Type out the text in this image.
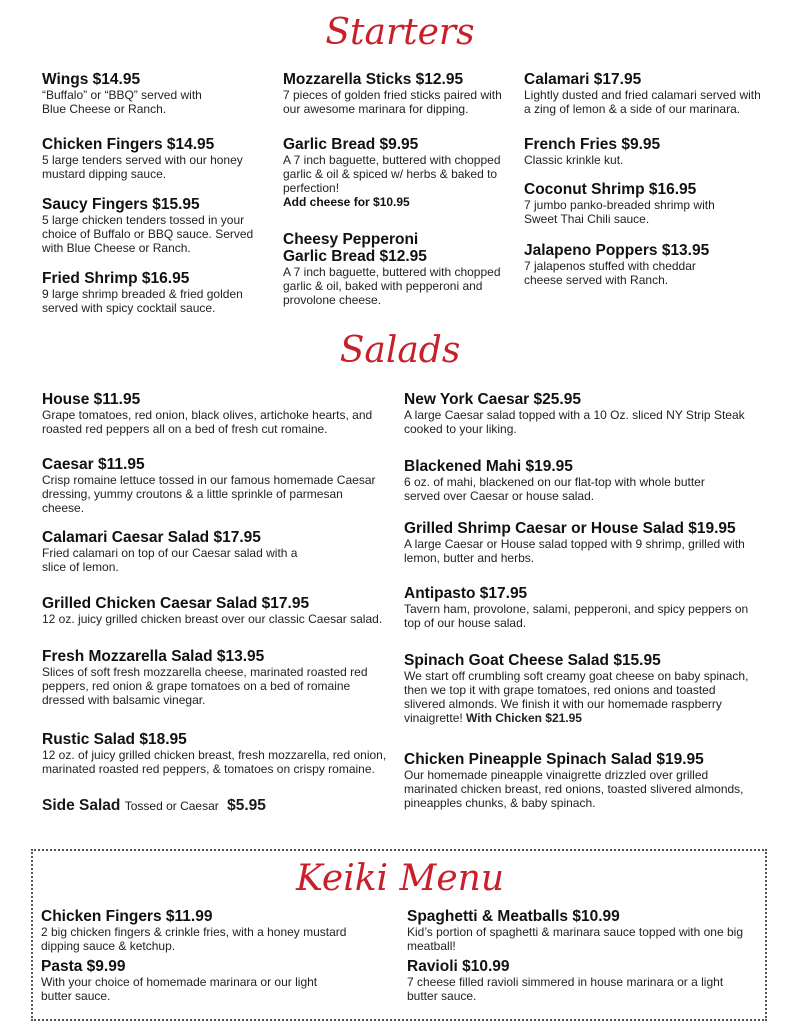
Starters
Wings $14.95
“Buffalo” or “BBQ” served with Blue Cheese or Ranch.
Chicken Fingers $14.95
5 large tenders served with our honey mustard dipping sauce.
Saucy Fingers $15.95
5 large chicken tenders tossed in your choice of Buffalo or BBQ sauce. Served with Blue Cheese or Ranch.
Fried Shrimp $16.95
9 large shrimp breaded & fried golden served with spicy cocktail sauce.
Mozzarella Sticks $12.95
7 pieces of golden fried sticks paired with our awesome marinara for dipping.
Garlic Bread $9.95
A 7 inch baguette, buttered with chopped garlic & oil & spiced w/ herbs & baked to perfection!
Add cheese for $10.95
Cheesy Pepperoni
Garlic Bread $12.95
A 7 inch baguette, buttered with chopped garlic & oil, baked with pepperoni and provolone cheese.
Calamari $17.95
Lightly dusted and fried calamari served with a zing of lemon & a side of our marinara.
French Fries $9.95
Classic krinkle kut.
Coconut Shrimp $16.95
7 jumbo panko-breaded shrimp with Sweet Thai Chili sauce.
Jalapeno Poppers $13.95
7 jalapenos stuffed with cheddar cheese served with Ranch.
Salads
House $11.95
Grape tomatoes, red onion, black olives, artichoke hearts, and roasted red peppers all on a bed of fresh cut romaine.
Caesar $11.95
Crisp romaine lettuce tossed in our famous homemade Caesar dressing, yummy croutons & a little sprinkle of parmesan cheese.
Calamari Caesar Salad $17.95
Fried calamari on top of our Caesar salad with a slice of lemon.
Grilled Chicken Caesar Salad $17.95
12 oz. juicy grilled chicken breast over our classic Caesar salad.
Fresh Mozzarella Salad $13.95
Slices of soft fresh mozzarella cheese, marinated roasted red peppers, red onion & grape tomatoes on a bed of romaine dressed with balsamic vinegar.
Rustic Salad $18.95
12 oz. of juicy grilled chicken breast, fresh mozzarella, red onion, marinated roasted red peppers, & tomatoes on crispy romaine.
Side Salad Tossed or Caesar $5.95
New York Caesar $25.95
A large Caesar salad topped with a 10 Oz. sliced NY Strip Steak cooked to your liking.
Blackened Mahi $19.95
6 oz. of mahi, blackened on our flat-top with whole butter served over Caesar or house salad.
Grilled Shrimp Caesar or House Salad $19.95
A large Caesar or House salad topped with 9 shrimp, grilled with lemon, butter and herbs.
Antipasto $17.95
Tavern ham, provolone, salami, pepperoni, and spicy peppers on top of our house salad.
Spinach Goat Cheese Salad $15.95
We start off crumbling soft creamy goat cheese on baby spinach, then we top it with grape tomatoes, red onions and toasted slivered almonds. We finish it with our homemade raspberry vinaigrette! With Chicken $21.95
Chicken Pineapple Spinach Salad $19.95
Our homemade pineapple vinaigrette drizzled over grilled marinated chicken breast, red onions, toasted slivered almonds, pineapples chunks, & baby spinach.
Keiki Menu
Chicken Fingers $11.99
2 big chicken fingers & crinkle fries, with a honey mustard dipping sauce & ketchup.
Pasta $9.99
With your choice of homemade marinara or our light butter sauce.
Spaghetti & Meatballs $10.99
Kid’s portion of spaghetti & marinara sauce topped with one big meatball!
Ravioli $10.99
7 cheese filled ravioli simmered in house marinara or a light butter sauce.
